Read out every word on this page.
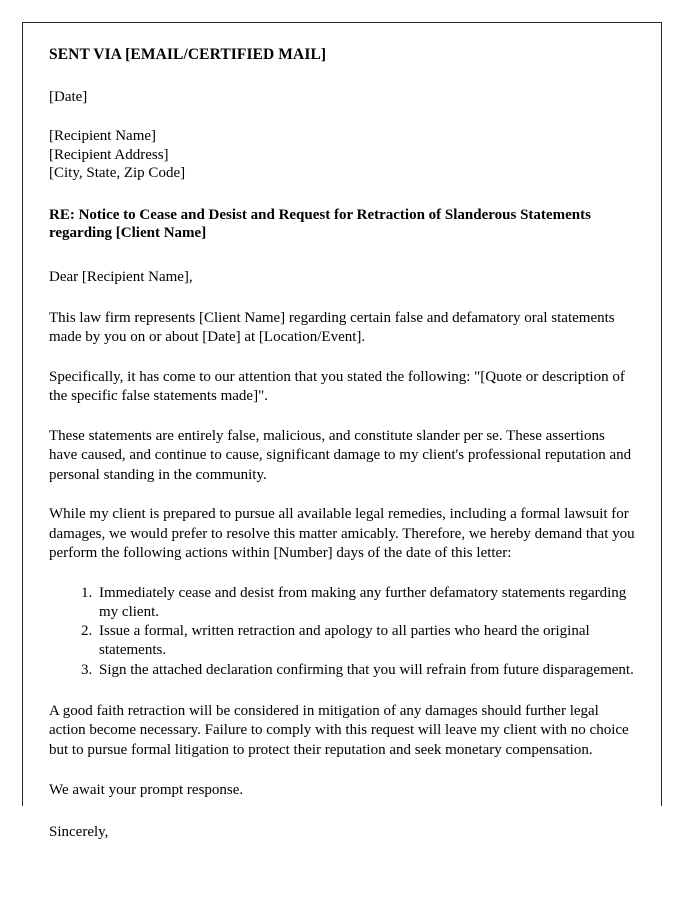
SENT VIA [EMAIL/CERTIFIED MAIL]
[Date]
[Recipient Name]
[Recipient Address]
[City, State, Zip Code]
RE: Notice to Cease and Desist and Request for Retraction of Slanderous Statements regarding [Client Name]
Dear [Recipient Name],

This law firm represents [Client Name] regarding certain false and defamatory oral statements made by you on or about [Date] at [Location/Event].

Specifically, it has come to our attention that you stated the following: "[Quote or description of the specific false statements made]".

These statements are entirely false, malicious, and constitute slander per se. These assertions have caused, and continue to cause, significant damage to my client's professional reputation and personal standing in the community.

While my client is prepared to pursue all available legal remedies, including a formal lawsuit for damages, we would prefer to resolve this matter amicably. Therefore, we hereby demand that you perform the following actions within [Number] days of the date of this letter:

1. Immediately cease and desist from making any further defamatory statements regarding my client.
2. Issue a formal, written retraction and apology to all parties who heard the original statements.
3. Sign the attached declaration confirming that you will refrain from future disparagement.

A good faith retraction will be considered in mitigation of any damages should further legal action become necessary. Failure to comply with this request will leave my client with no choice but to pursue formal litigation to protect their reputation and seek monetary compensation.

We await your prompt response.
Sincerely,
